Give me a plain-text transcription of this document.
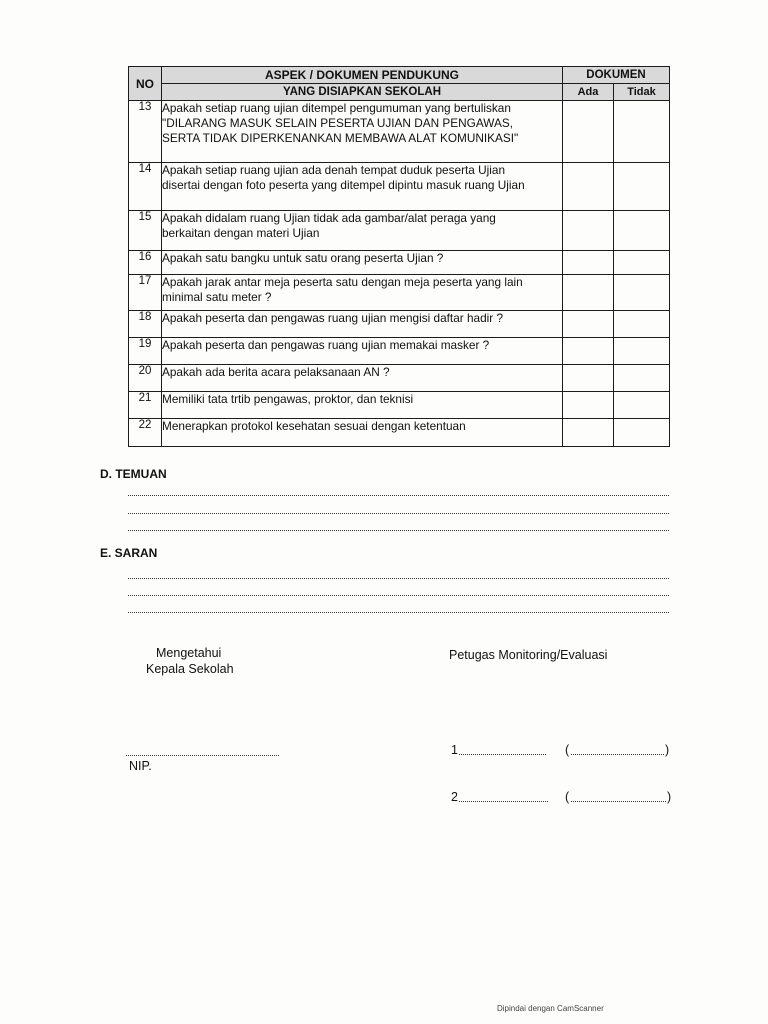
NO	ASPEK / DOKUMEN PENDUKUNG	DOKUMEN	
	YANG DISIAPKAN SEKOLAH	Ada	Tidak
13	Apakah setiap ruang ujian ditempel pengumuman yang bertuliskan
"DILARANG MASUK SELAIN PESERTA UJIAN DAN PENGAWAS,
SERTA TIDAK DIPERKENANKAN MEMBAWA ALAT KOMUNIKASI"		

14	Apakah setiap ruang ujian ada denah tempat duduk peserta Ujian
disertai dengan foto peserta yang ditempel dipintu masuk ruang Ujian		

15	Apakah didalam ruang Ujian tidak ada gambar/alat peraga yang
berkaitan dengan materi Ujian		

16	Apakah satu bangku untuk satu orang peserta Ujian ?		

17	Apakah jarak antar meja peserta satu dengan meja peserta yang lain
minimal satu meter ?		

18	Apakah peserta dan pengawas ruang ujian mengisi daftar hadir ?		

19	Apakah peserta dan pengawas ruang ujian memakai masker ?		

20	Apakah ada berita acara pelaksanaan AN ?		

21	Memiliki tata trtib pengawas, proktor, dan teknisi		

22	Menerapkan protokol kesehatan sesuai dengan ketentuan		

D. TEMUAN
E. SARAN
Mengetahui
Kepala Sekolah
NIP.
Petugas Monitoring/Evaluasi
1	(	)
2	(	)
Dipindai dengan CamScanner
